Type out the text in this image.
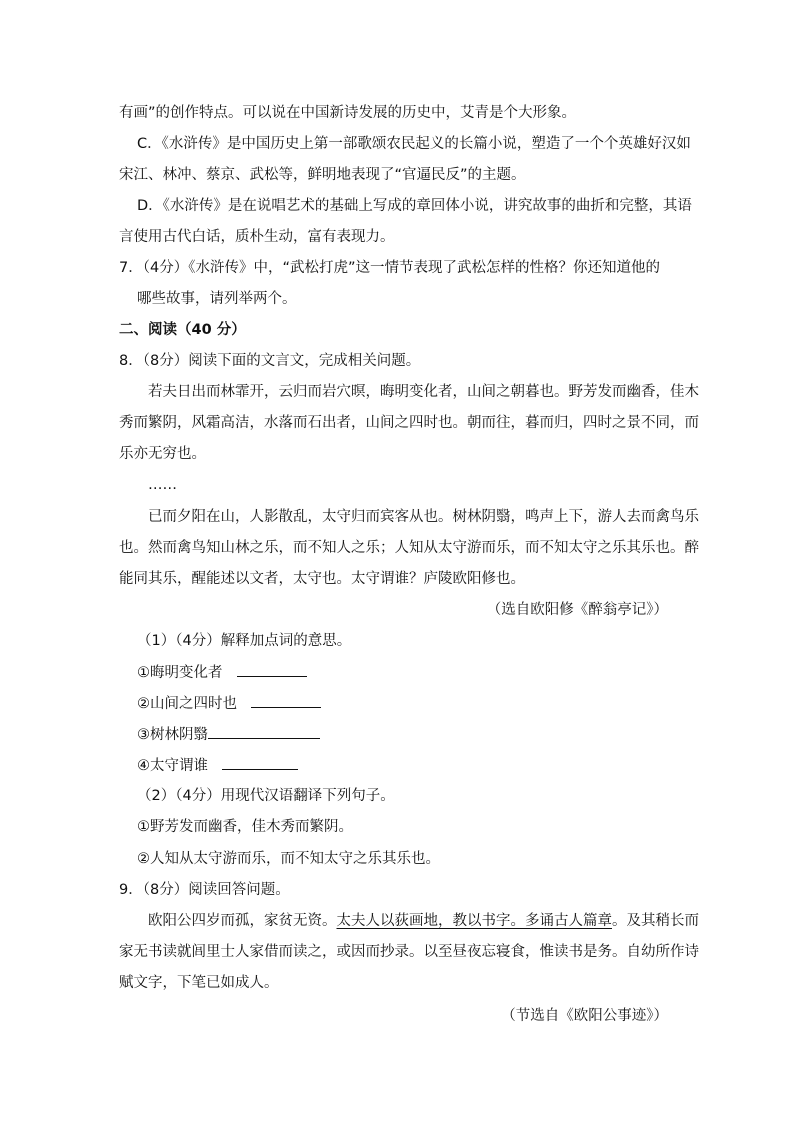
有画”的创作特点。可以说在中国新诗发展的历史中，艾青是个大形象。
C．《水浒传》是中国历史上第一部歌颂农民起义的长篇小说，塑造了一个个英雄好汉如
宋江、林冲、蔡京、武松等，鲜明地表现了“官逼民反”的主题。
D．《水浒传》是在说唱艺术的基础上写成的章回体小说，讲究故事的曲折和完整，其语
言使用古代白话，质朴生动，富有表现力。
7．（4分）《水浒传》中，“武松打虎”这一情节表现了武松怎样的性格？你还知道他的
哪些故事，请列举两个。
二、阅读（40 分）
8．（8分）阅读下面的文言文，完成相关问题。
若夫日出而林霏开，云归而岩穴暝，晦明变化者，山间之朝暮也。野芳发而幽香，佳木
秀而繁阴，风霜高洁，水落而石出者，山间之四时也。朝而往，暮而归，四时之景不同，而
乐亦无穷也。
……
已而夕阳在山，人影散乱，太守归而宾客从也。树林阴翳，鸣声上下，游人去而禽鸟乐
也。然而禽鸟知山林之乐，而不知人之乐；人知从太守游而乐，而不知太守之乐其乐也。醉
能同其乐，醒能述以文者，太守也。太守谓谁？庐陵欧阳修也。
（选自欧阳修《醉翁亭记》）
（1）（4分）解释加点词的意思。
①晦明变化者
②山间之四时也
③树林阴翳
④太守谓谁
（2）（4分）用现代汉语翻译下列句子。
①野芳发而幽香，佳木秀而繁阴。
②人知从太守游而乐，而不知太守之乐其乐也。
9．（8分）阅读回答问题。
欧阳公四岁而孤，家贫无资。太夫人以荻画地，教以书字。多诵古人篇章。及其稍长而
家无书读就闾里士人家借而读之，或因而抄录。以至昼夜忘寝食，惟读书是务。自幼所作诗
赋文字，下笔已如成人。
（节选自《欧阳公事迹》）
